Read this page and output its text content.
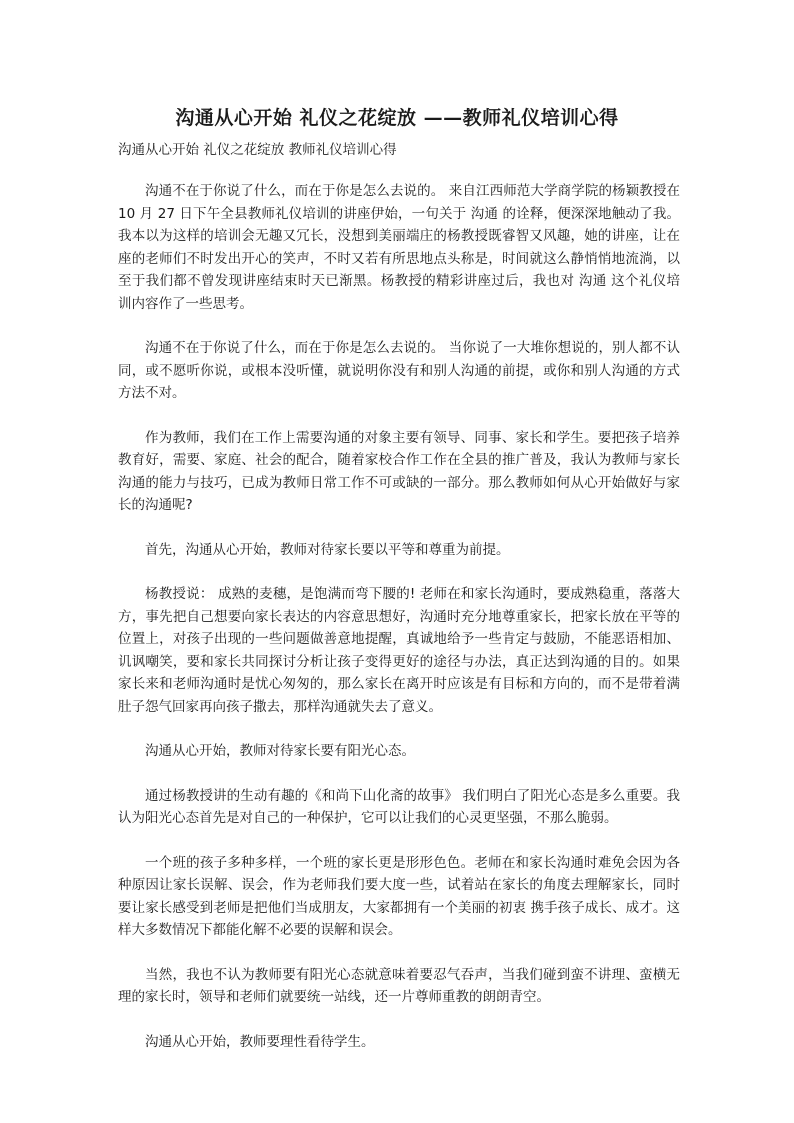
沟通从心开始 礼仪之花绽放 ——教师礼仪培训心得

沟通从心开始 礼仪之花绽放 教师礼仪培训心得

沟通不在于你说了什么，而在于你是怎么去说的。 来自江西师范大学商学院的杨颖教授在 10 月 27 日下午全县教师礼仪培训的讲座伊始，一句关于 沟通 的诠释，便深深地触动了我。我本以为这样的培训会无趣又冗长，没想到美丽端庄的杨教授既睿智又风趣，她的讲座，让在座的老师们不时发出开心的笑声，不时又若有所思地点头称是，时间就这么静悄悄地流淌，以至于我们都不曾发现讲座结束时天已渐黑。杨教授的精彩讲座过后，我也对 沟通 这个礼仪培训内容作了一些思考。

沟通不在于你说了什么，而在于你是怎么去说的。 当你说了一大堆你想说的，别人都不认同，或不愿听你说，或根本没听懂，就说明你没有和别人沟通的前提，或你和别人沟通的方式方法不对。

作为教师，我们在工作上需要沟通的对象主要有领导、同事、家长和学生。要把孩子培养教育好，需要、家庭、社会的配合，随着家校合作工作在全县的推广普及，我认为教师与家长沟通的能力与技巧，已成为教师日常工作不可或缺的一部分。那么教师如何从心开始做好与家长的沟通呢?

首先，沟通从心开始，教师对待家长要以平等和尊重为前提。

杨教授说： 成熟的麦穗，是饱满而弯下腰的! 老师在和家长沟通时，要成熟稳重，落落大方，事先把自己想要向家长表达的内容意思想好，沟通时充分地尊重家长，把家长放在平等的位置上，对孩子出现的一些问题做善意地提醒，真诚地给予一些肯定与鼓励，不能恶语相加、讥讽嘲笑，要和家长共同探讨分析让孩子变得更好的途径与办法，真正达到沟通的目的。如果家长来和老师沟通时是忧心匆匆的，那么家长在离开时应该是有目标和方向的，而不是带着满肚子怨气回家再向孩子撒去，那样沟通就失去了意义。

沟通从心开始，教师对待家长要有阳光心态。

通过杨教授讲的生动有趣的《和尚下山化斋的故事》 我们明白了阳光心态是多么重要。我认为阳光心态首先是对自己的一种保护，它可以让我们的心灵更坚强，不那么脆弱。

一个班的孩子多种多样，一个班的家长更是形形色色。老师在和家长沟通时难免会因为各种原因让家长误解、误会，作为老师我们要大度一些，试着站在家长的角度去理解家长，同时要让家长感受到老师是把他们当成朋友，大家都拥有一个美丽的初衷 携手孩子成长、成才。这样大多数情况下都能化解不必要的误解和误会。

当然，我也不认为教师要有阳光心态就意味着要忍气吞声，当我们碰到蛮不讲理、蛮横无理的家长时，领导和老师们就要统一站线，还一片尊师重教的朗朗青空。

沟通从心开始，教师要理性看待学生。
